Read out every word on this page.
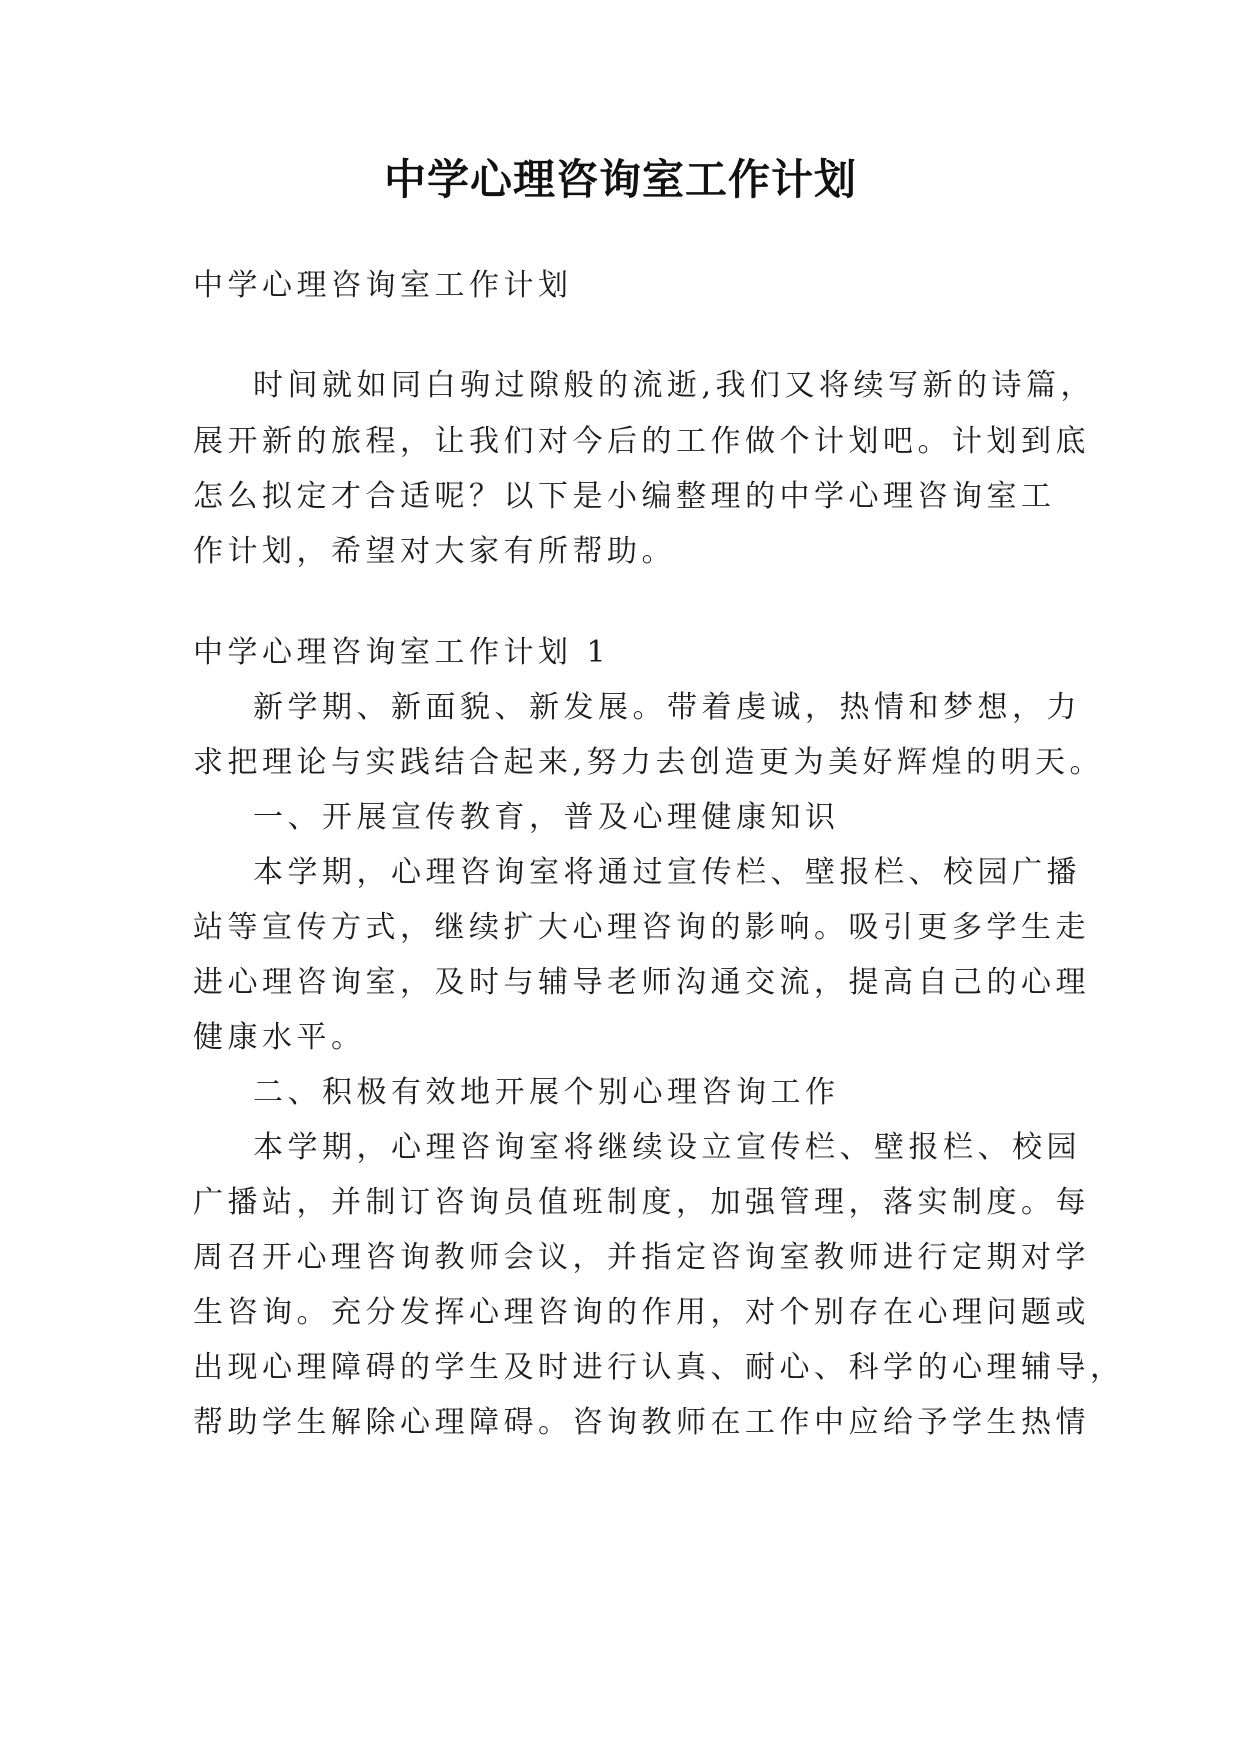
中学心理咨询室工作计划
中学心理咨询室工作计划
时间就如同白驹过隙般的流逝,我们又将续写新的诗篇，
展开新的旅程，让我们对今后的工作做个计划吧。计划到底
怎么拟定才合适呢？以下是小编整理的中学心理咨询室工
作计划，希望对大家有所帮助。
中学心理咨询室工作计划 1
新学期、新面貌、新发展。带着虔诚，热情和梦想，力
求把理论与实践结合起来,努力去创造更为美好辉煌的明天。
一、开展宣传教育，普及心理健康知识
本学期，心理咨询室将通过宣传栏、壁报栏、校园广播
站等宣传方式，继续扩大心理咨询的影响。吸引更多学生走
进心理咨询室，及时与辅导老师沟通交流，提高自己的心理
健康水平。
二、积极有效地开展个别心理咨询工作
本学期，心理咨询室将继续设立宣传栏、壁报栏、校园
广播站，并制订咨询员值班制度，加强管理，落实制度。每
周召开心理咨询教师会议，并指定咨询室教师进行定期对学
生咨询。充分发挥心理咨询的作用，对个别存在心理问题或
出现心理障碍的学生及时进行认真、耐心、科学的心理辅导，
帮助学生解除心理障碍。咨询教师在工作中应给予学生热情
